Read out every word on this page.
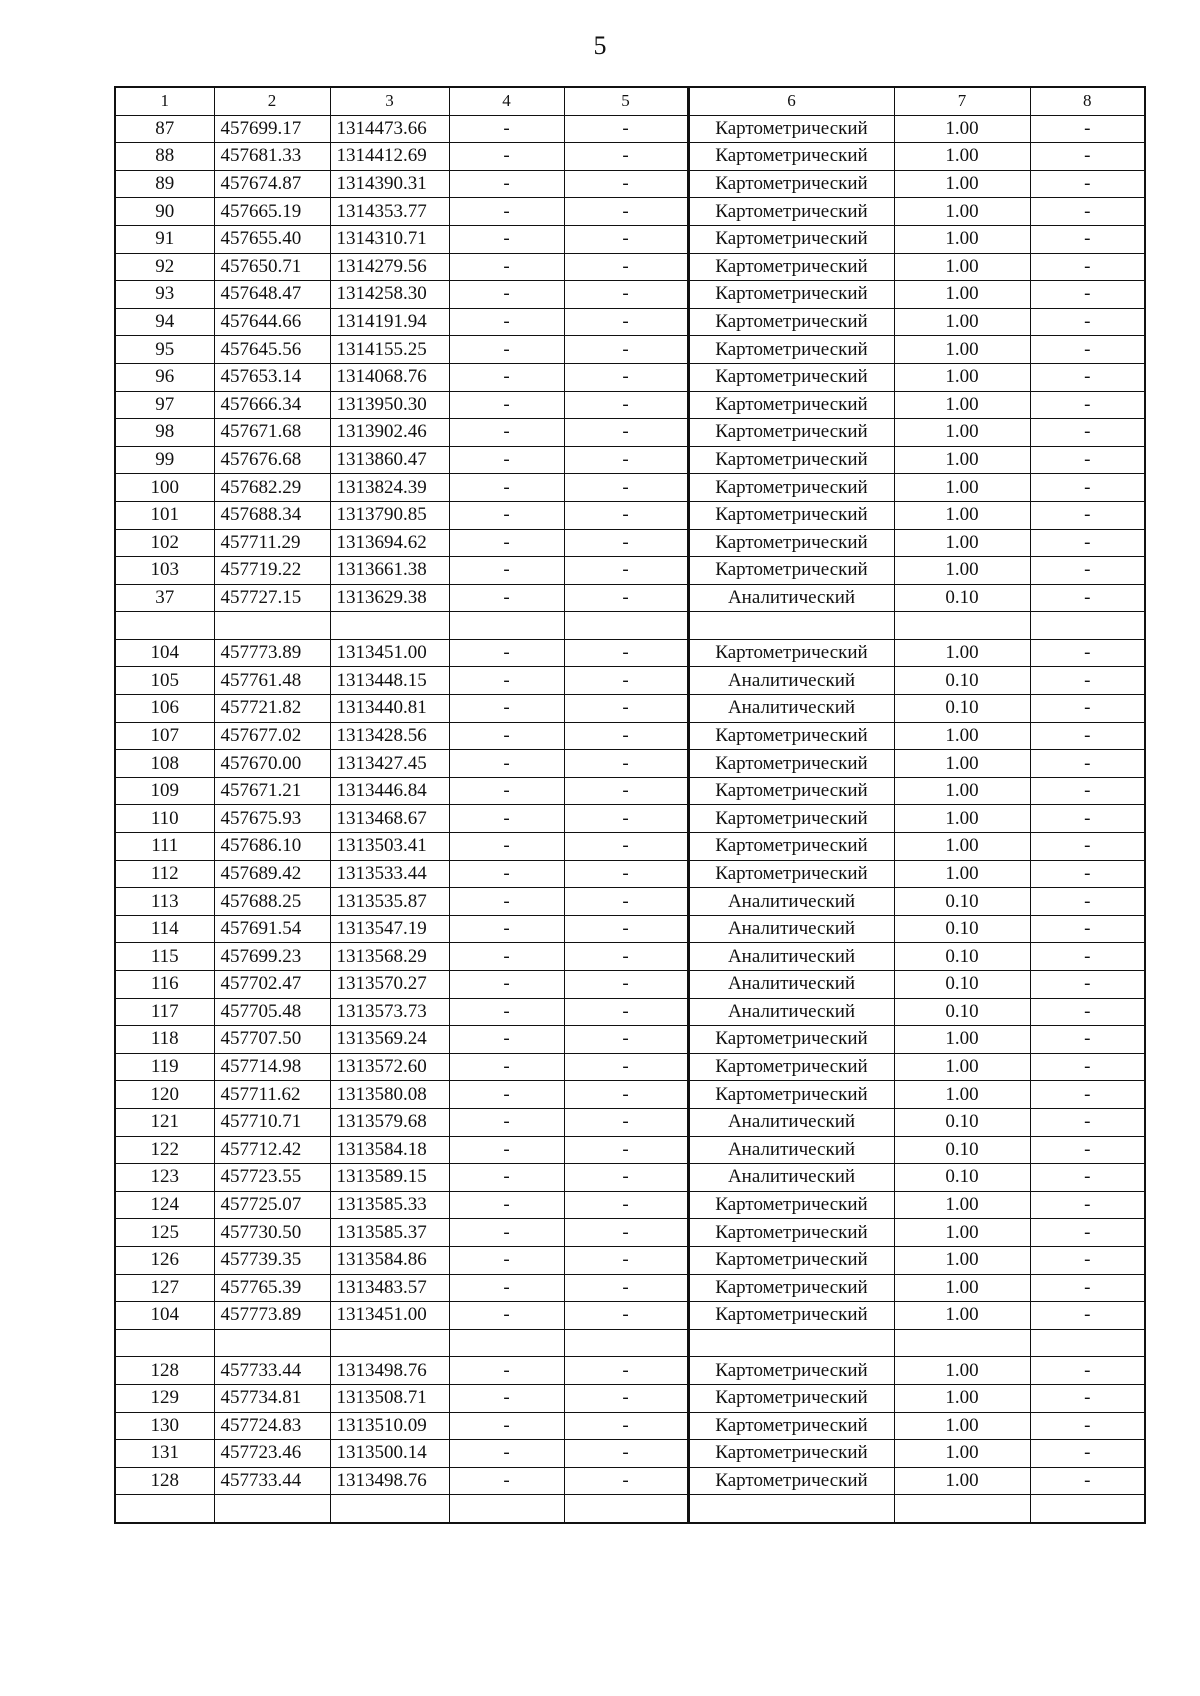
5
1	2	3	4	5	6	7	8
87	457699.17	1314473.66	-	-	Картометрический	1.00	-
88	457681.33	1314412.69	-	-	Картометрический	1.00	-
89	457674.87	1314390.31	-	-	Картометрический	1.00	-
90	457665.19	1314353.77	-	-	Картометрический	1.00	-
91	457655.40	1314310.71	-	-	Картометрический	1.00	-
92	457650.71	1314279.56	-	-	Картометрический	1.00	-
93	457648.47	1314258.30	-	-	Картометрический	1.00	-
94	457644.66	1314191.94	-	-	Картометрический	1.00	-
95	457645.56	1314155.25	-	-	Картометрический	1.00	-
96	457653.14	1314068.76	-	-	Картометрический	1.00	-
97	457666.34	1313950.30	-	-	Картометрический	1.00	-
98	457671.68	1313902.46	-	-	Картометрический	1.00	-
99	457676.68	1313860.47	-	-	Картометрический	1.00	-
100	457682.29	1313824.39	-	-	Картометрический	1.00	-
101	457688.34	1313790.85	-	-	Картометрический	1.00	-
102	457711.29	1313694.62	-	-	Картометрический	1.00	-
103	457719.22	1313661.38	-	-	Картометрический	1.00	-
37	457727.15	1313629.38	-	-	Аналитический	0.10	-

104	457773.89	1313451.00	-	-	Картометрический	1.00	-
105	457761.48	1313448.15	-	-	Аналитический	0.10	-
106	457721.82	1313440.81	-	-	Аналитический	0.10	-
107	457677.02	1313428.56	-	-	Картометрический	1.00	-
108	457670.00	1313427.45	-	-	Картометрический	1.00	-
109	457671.21	1313446.84	-	-	Картометрический	1.00	-
110	457675.93	1313468.67	-	-	Картометрический	1.00	-
111	457686.10	1313503.41	-	-	Картометрический	1.00	-
112	457689.42	1313533.44	-	-	Картометрический	1.00	-
113	457688.25	1313535.87	-	-	Аналитический	0.10	-
114	457691.54	1313547.19	-	-	Аналитический	0.10	-
115	457699.23	1313568.29	-	-	Аналитический	0.10	-
116	457702.47	1313570.27	-	-	Аналитический	0.10	-
117	457705.48	1313573.73	-	-	Аналитический	0.10	-
118	457707.50	1313569.24	-	-	Картометрический	1.00	-
119	457714.98	1313572.60	-	-	Картометрический	1.00	-
120	457711.62	1313580.08	-	-	Картометрический	1.00	-
121	457710.71	1313579.68	-	-	Аналитический	0.10	-
122	457712.42	1313584.18	-	-	Аналитический	0.10	-
123	457723.55	1313589.15	-	-	Аналитический	0.10	-
124	457725.07	1313585.33	-	-	Картометрический	1.00	-
125	457730.50	1313585.37	-	-	Картометрический	1.00	-
126	457739.35	1313584.86	-	-	Картометрический	1.00	-
127	457765.39	1313483.57	-	-	Картометрический	1.00	-
104	457773.89	1313451.00	-	-	Картометрический	1.00	-

128	457733.44	1313498.76	-	-	Картометрический	1.00	-
129	457734.81	1313508.71	-	-	Картометрический	1.00	-
130	457724.83	1313510.09	-	-	Картометрический	1.00	-
131	457723.46	1313500.14	-	-	Картометрический	1.00	-
128	457733.44	1313498.76	-	-	Картометрический	1.00	-
